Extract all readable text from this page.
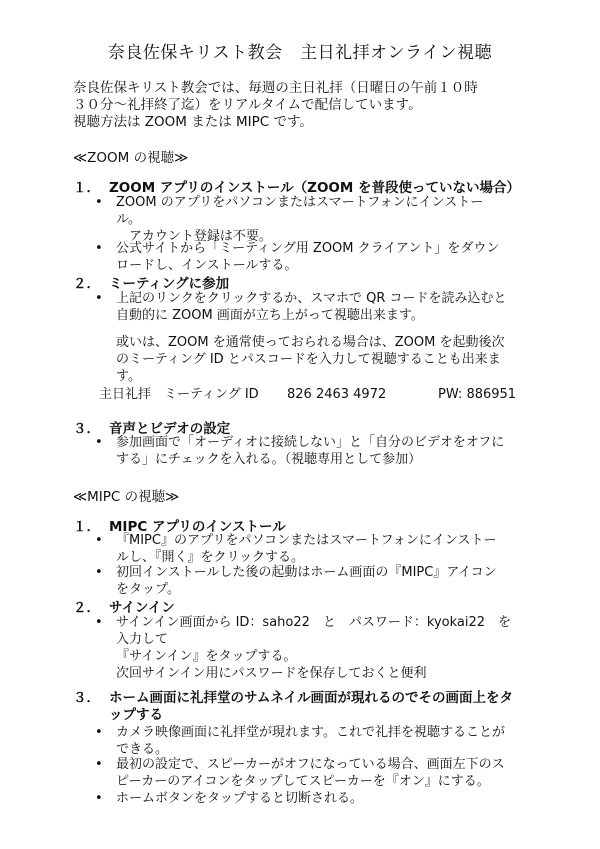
奈良佐保キリスト教会　主日礼拝オンライン視聴
奈良佐保キリスト教会では、毎週の主日礼拝（日曜日の午前１０時
３０分～礼拝終了迄）をリアルタイムで配信しています。
視聴方法は ZOOM または MIPC です。
≪ZOOM の視聴≫
１． ZOOM アプリのインストール（ZOOM を普段使っていない場合）
•	ZOOM のアプリをパソコンまたはスマートフォンにインストー
ル。
アカウント登録は不要。
•	公式サイトから「ミーティング用 ZOOM クライアント」をダウン
ロードし、インストールする。
２． ミーティングに参加
•	上記のリンクをクリックするか、スマホで QR コードを読み込むと
自動的に ZOOM 画面が立ち上がって視聴出来ます。
或いは、ZOOM を通常使っておられる場合は、ZOOM を起動後次
のミーティング ID とパスコードを入力して視聴することも出来ま
す。
主日礼拝　ミーティング ID 826 2463 4972	PW: 886951
３． 音声とビデオの設定
•	参加画面で「オーディオに接続しない」と「自分のビデオをオフに
する」にチェックを入れる。（視聴専用として参加）
≪MIPC の視聴≫
１． MIPC アプリのインストール
•	『MIPC』のアプリをパソコンまたはスマートフォンにインストー
ルし、『開く』をクリックする。
•	初回インストールした後の起動はホーム画面の『MIPC』アイコン
をタップ。
２． サインイン
•	サインイン画面から ID：saho22　と　パスワード：kyokai22　を
入力して
『サインイン』をタップする。
次回サインイン用にパスワードを保存しておくと便利
３． ホーム画面に礼拝堂のサムネイル画面が現れるのでその画面上をタ
ップする
•	カメラ映像画面に礼拝堂が現れます。これで礼拝を視聴することが
できる。
•	最初の設定で、スピーカーがオフになっている場合、画面左下のス
ピーカーのアイコンをタップしてスピーカーを『オン』にする。
•	ホームボタンをタップすると切断される。
